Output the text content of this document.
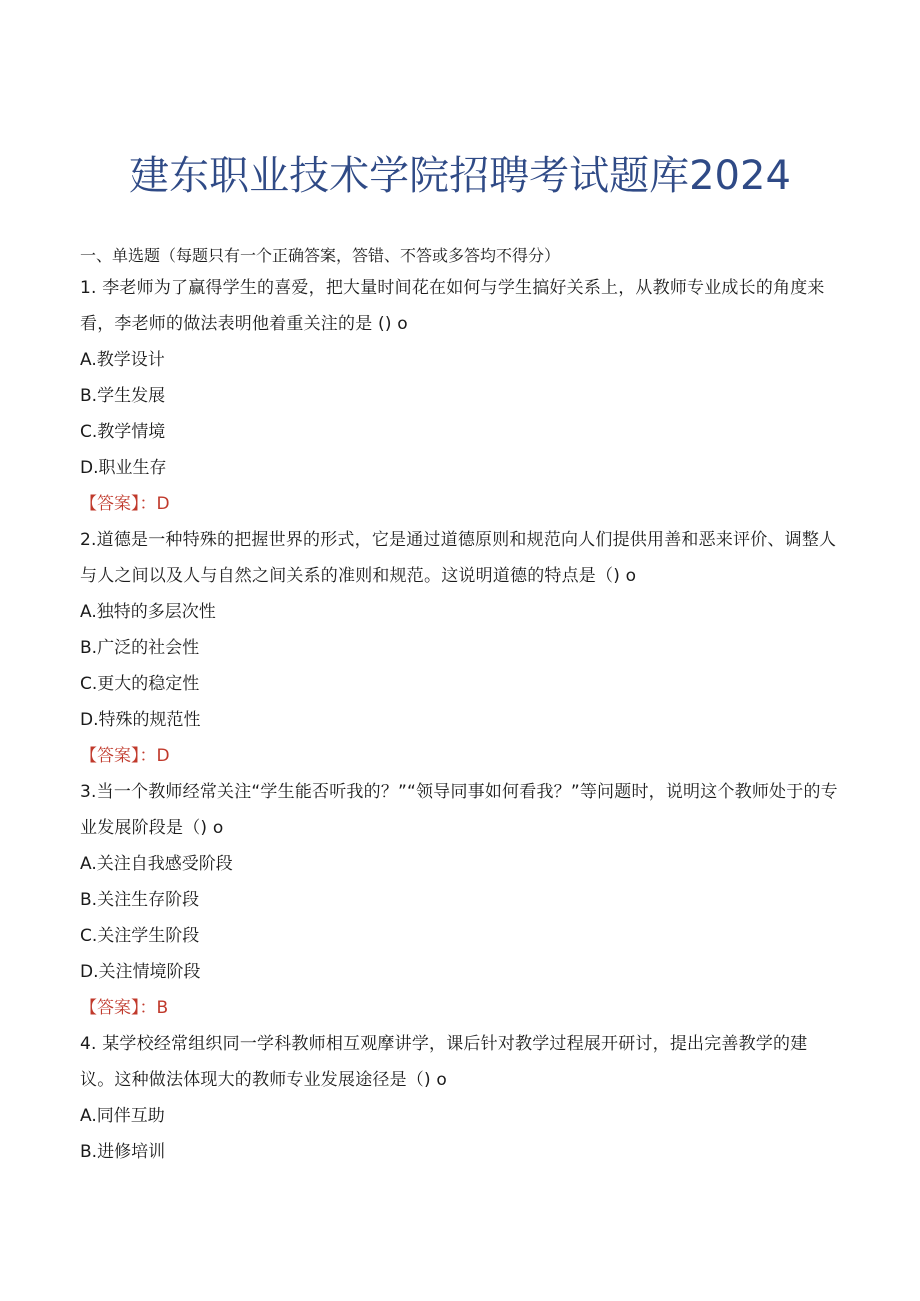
建东职业技术学院招聘考试题库2024
一、单选题（每题只有一个正确答案，答错、不答或多答均不得分）
1. 李老师为了赢得学生的喜爱，把大量时间花在如何与学生搞好关系上，从教师专业成长的角度来看，李老师的做法表明他着重关注的是 () o
A.教学设计
B.学生发展
C.教学情境
D.职业生存
【答案】：D
2.道德是一种特殊的把握世界的形式，它是通过道德原则和规范向人们提供用善和恶来评价、调整人与人之间以及人与自然之间关系的准则和规范。这说明道德的特点是（) o
A.独特的多层次性
B.广泛的社会性
C.更大的稳定性
D.特殊的规范性
【答案】：D
3.当一个教师经常关注“学生能否听我的？”“领导同事如何看我？”等问题时，说明这个教师处于的专业发展阶段是（) o
A.关注自我感受阶段
B.关注生存阶段
C.关注学生阶段
D.关注情境阶段
【答案】：B
4. 某学校经常组织同一学科教师相互观摩讲学，课后针对教学过程展开研讨，提出完善教学的建议。这种做法体现大的教师专业发展途径是（) o
A.同伴互助
B.进修培训
